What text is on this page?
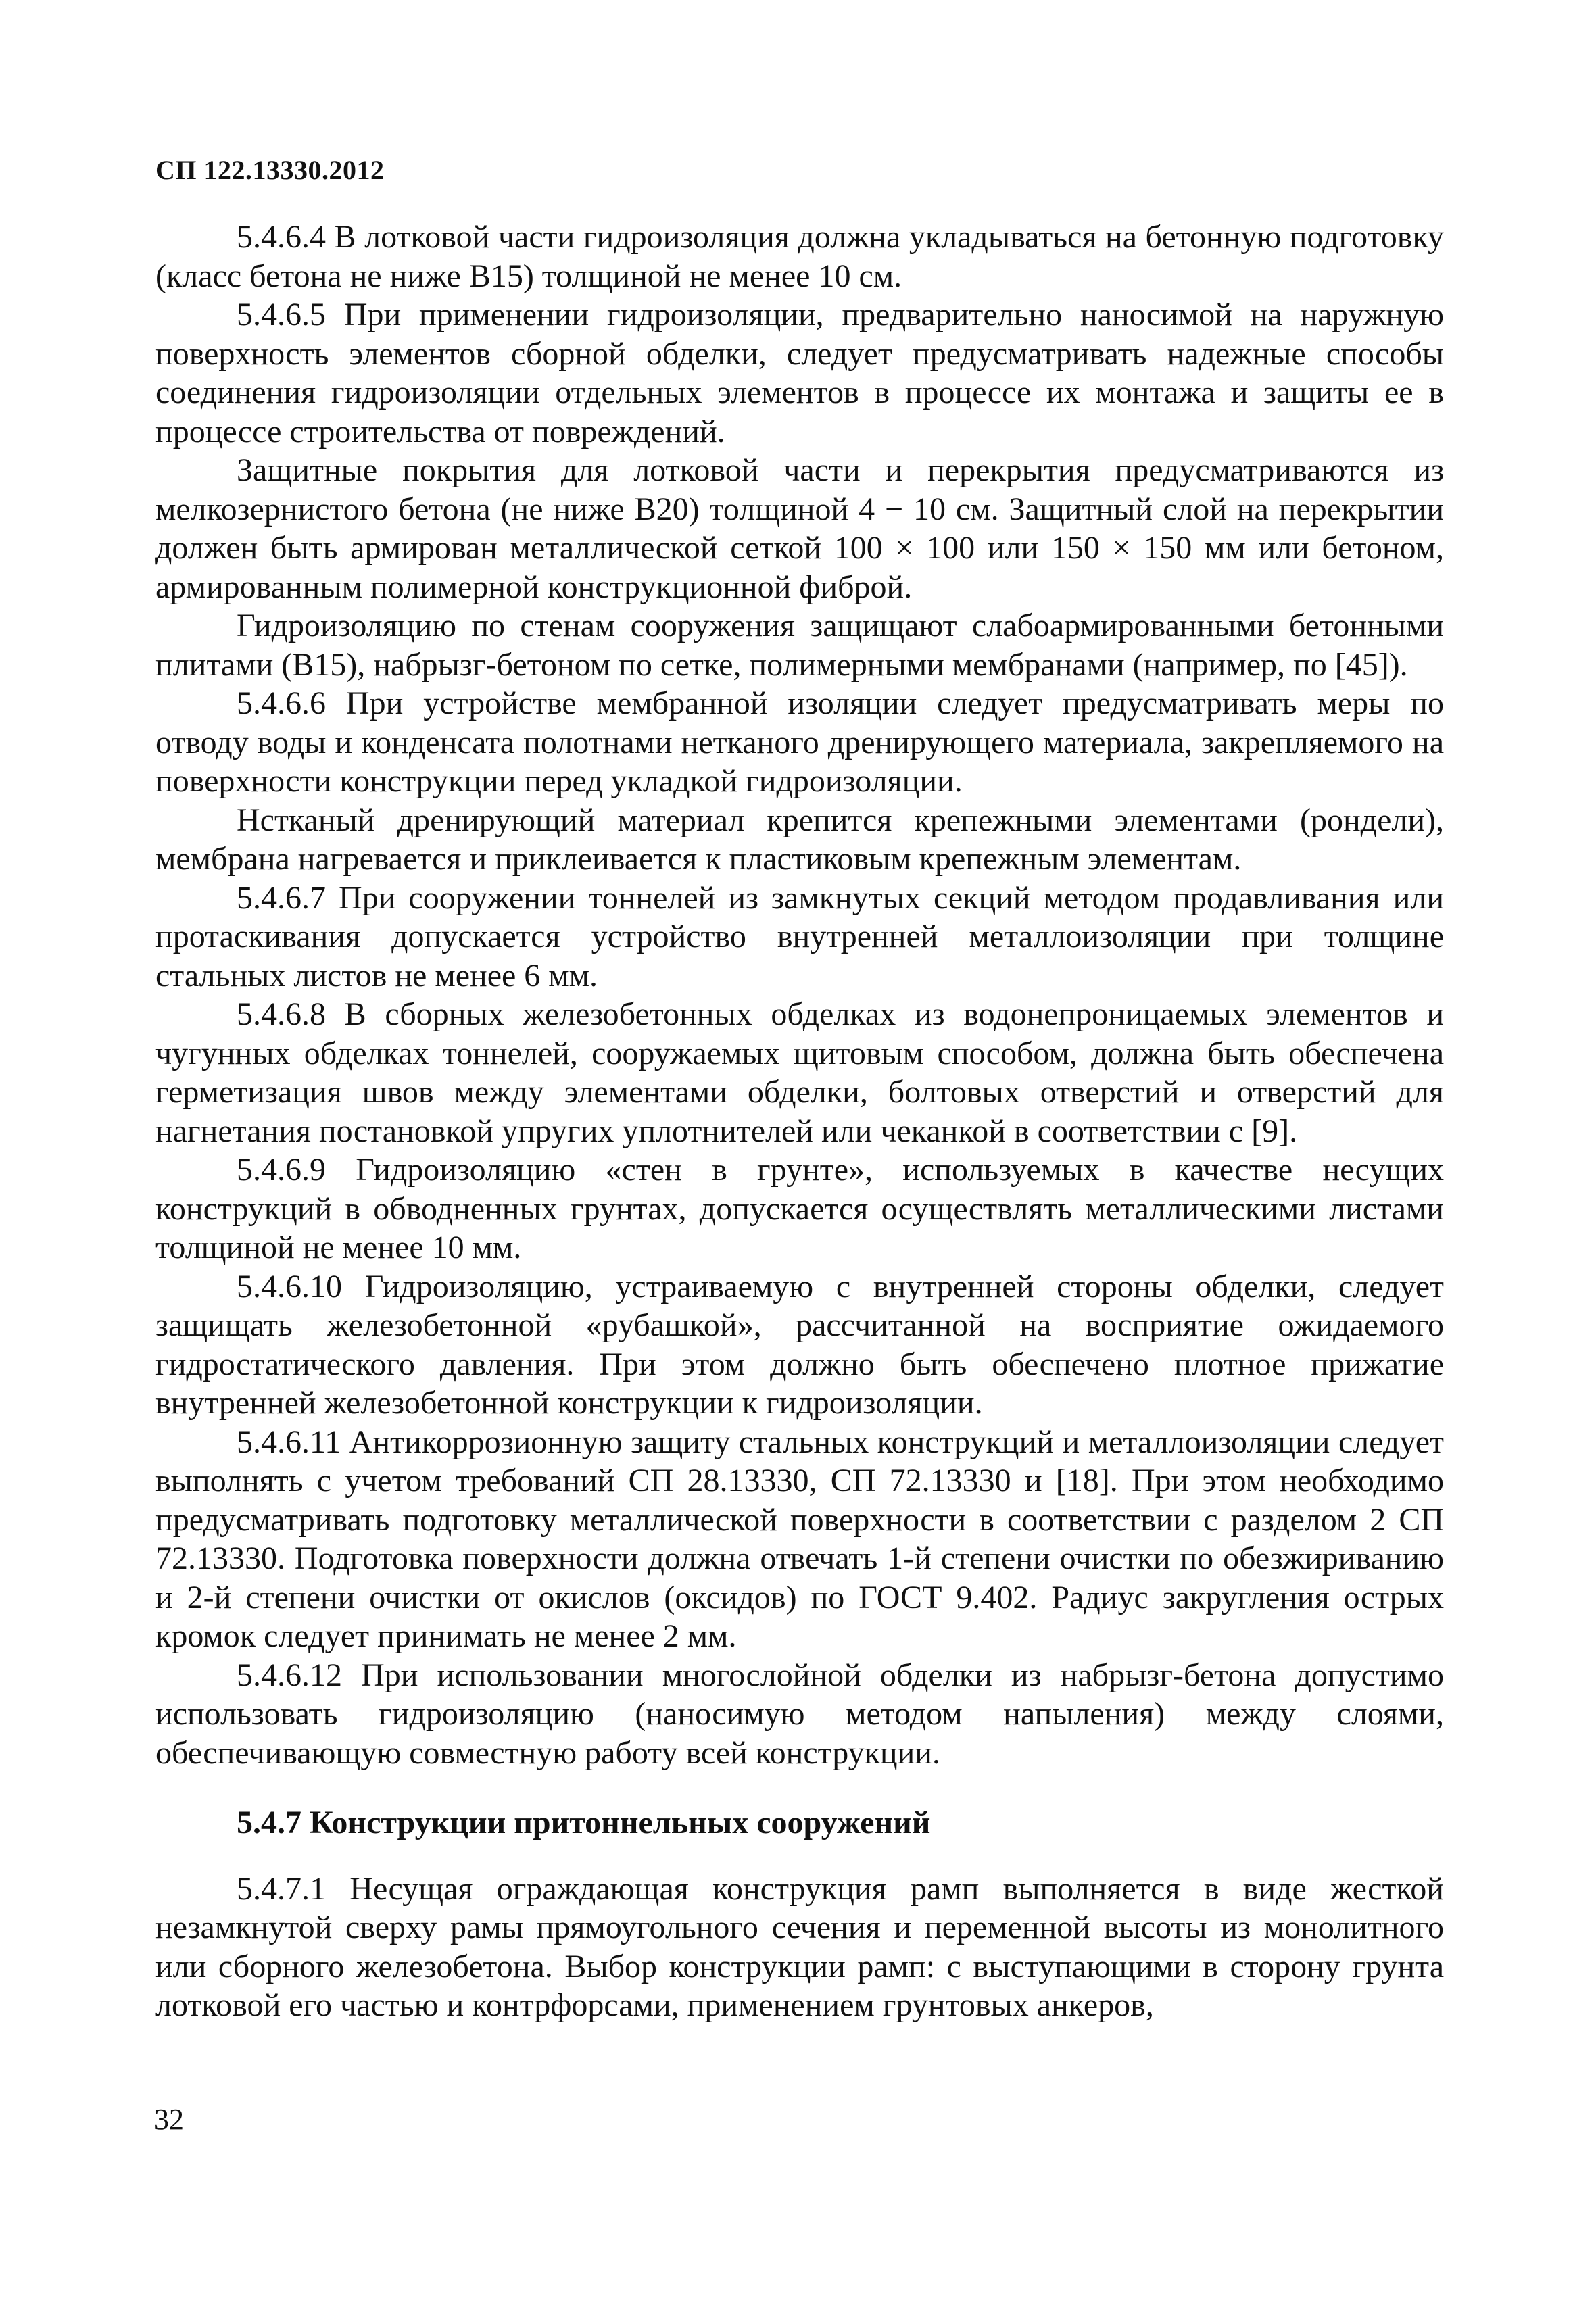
СП 122.13330.2012

5.4.6.4 В лотковой части гидроизоляция должна укладываться на бетонную подготовку (класс бетона не ниже В15) толщиной не менее 10 см.

5.4.6.5 При применении гидроизоляции, предварительно наносимой на наружную поверхность элементов сборной обделки, следует предусматривать надежные способы соединения гидроизоляции отдельных элементов в процессе их монтажа и защиты ее в процессе строительства от повреждений.

Защитные покрытия для лотковой части и перекрытия предусматриваются из мелкозернистого бетона (не ниже В20) толщиной 4 − 10 см. Защитный слой на перекрытии должен быть армирован металлической сеткой 100 × 100 или 150 × 150 мм или бетоном, армированным полимерной конструкционной фиброй.

Гидроизоляцию по стенам сооружения защищают слабоармированными бетонными плитами (В15), набрызг-бетоном по сетке, полимерными мембранами (например, по [45]).

5.4.6.6 При устройстве мембранной изоляции следует предусматривать меры по отводу воды и конденсата полотнами нетканого дренирующего материала, закрепляемого на поверхности конструкции перед укладкой гидроизоляции.

Нстканый дренирующий материал крепится крепежными элементами (рондели), мембрана нагревается и приклеивается к пластиковым крепежным элементам.

5.4.6.7 При сооружении тоннелей из замкнутых секций методом продавливания или протаскивания допускается устройство внутренней металлоизоляции при толщине стальных листов не менее 6 мм.

5.4.6.8 В сборных железобетонных обделках из водонепроницаемых элементов и чугунных обделках тоннелей, сооружаемых щитовым способом, должна быть обеспечена герметизация швов между элементами обделки, болтовых отверстий и отверстий для нагнетания постановкой упругих уплотнителей или чеканкой в соответствии с [9].

5.4.6.9 Гидроизоляцию «стен в грунте», используемых в качестве несущих конструкций в обводненных грунтах, допускается осуществлять металлическими листами толщиной не менее 10 мм.

5.4.6.10 Гидроизоляцию, устраиваемую с внутренней стороны обделки, следует защищать железобетонной «рубашкой», рассчитанной на восприятие ожидаемого гидростатического давления. При этом должно быть обеспечено плотное прижатие внутренней железобетонной конструкции к гидроизоляции.

5.4.6.11 Антикоррозионную защиту стальных конструкций и металлоизоляции следует выполнять с учетом требований СП 28.13330, СП 72.13330 и [18]. При этом необходимо предусматривать подготовку металлической поверхности в соответствии с разделом 2 СП 72.13330. Подготовка поверхности должна отвечать 1-й степени очистки по обезжириванию и 2-й степени очистки от окислов (оксидов) по ГОСТ 9.402. Радиус закругления острых кромок следует принимать не менее 2 мм.

5.4.6.12 При использовании многослойной обделки из набрызг-бетона допустимо использовать гидроизоляцию (наносимую методом напыления) между слоями, обеспечивающую совместную работу всей конструкции.

5.4.7 Конструкции притоннельных сооружений

5.4.7.1 Несущая ограждающая конструкция рамп выполняется в виде жесткой незамкнутой сверху рамы прямоугольного сечения и переменной высоты из монолитного или сборного железобетона. Выбор конструкции рамп: с выступающими в сторону грунта лотковой его частью и контрфорсами, применением грунтовых анкеров,

32
